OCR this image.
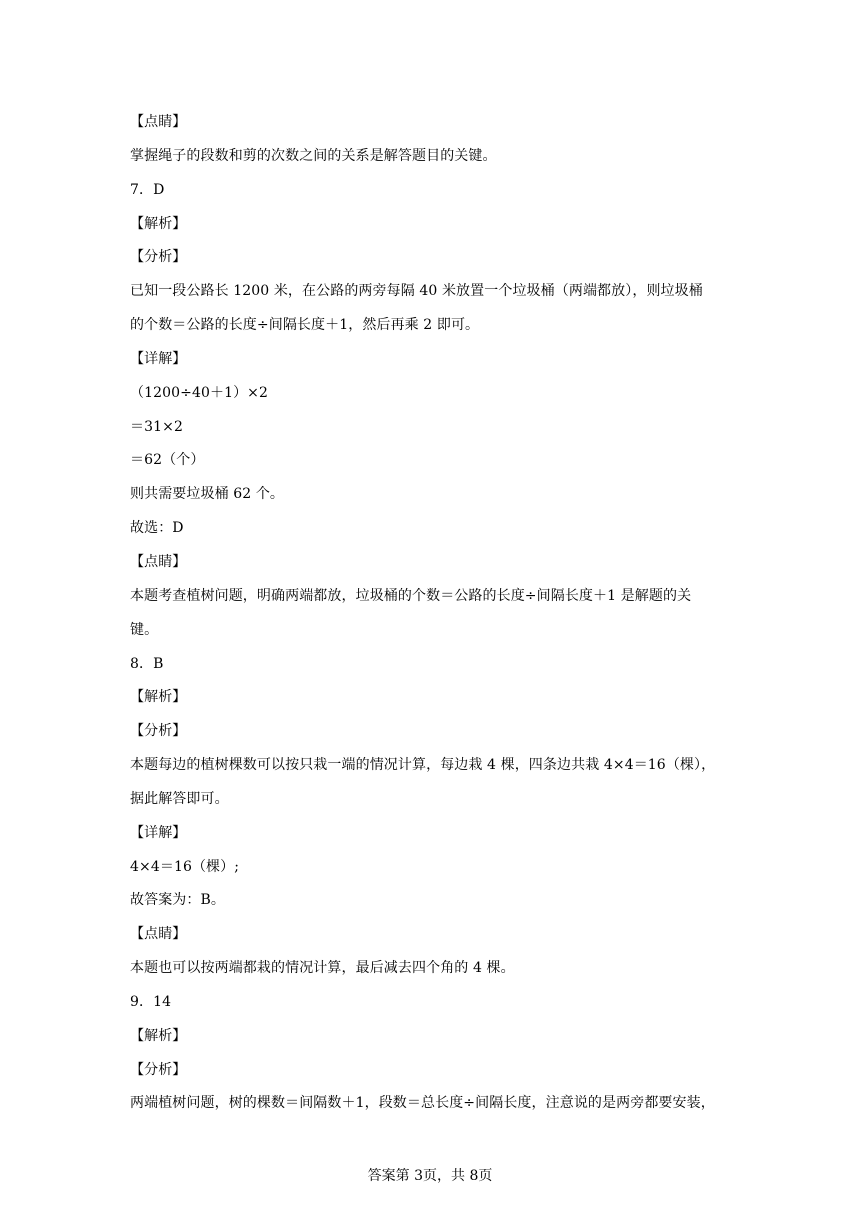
【点睛】
掌握绳子的段数和剪的次数之间的关系是解答题目的关键。
7．D
【解析】
【分析】
已知一段公路长 1200 米，在公路的两旁每隔 40 米放置一个垃圾桶（两端都放），则垃圾桶
的个数＝公路的长度÷间隔长度＋1，然后再乘 2 即可。
【详解】
（1200÷40＋1）×2
＝31×2
＝62（个）
则共需要垃圾桶 62 个。
故选：D
【点睛】
本题考查植树问题，明确两端都放，垃圾桶的个数＝公路的长度÷间隔长度＋1 是解题的关
键。
8．B
【解析】
【分析】
本题每边的植树棵数可以按只栽一端的情况计算，每边栽 4 棵，四条边共栽 4×4＝16（棵），
据此解答即可。
【详解】
4×4＝16（棵）;
故答案为：B。
【点睛】
本题也可以按两端都栽的情况计算，最后减去四个角的 4 棵。
9．14
【解析】
【分析】
两端植树问题，树的棵数＝间隔数＋1，段数＝总长度÷间隔长度，注意说的是两旁都要安装，
答案第 3页，共 8页
